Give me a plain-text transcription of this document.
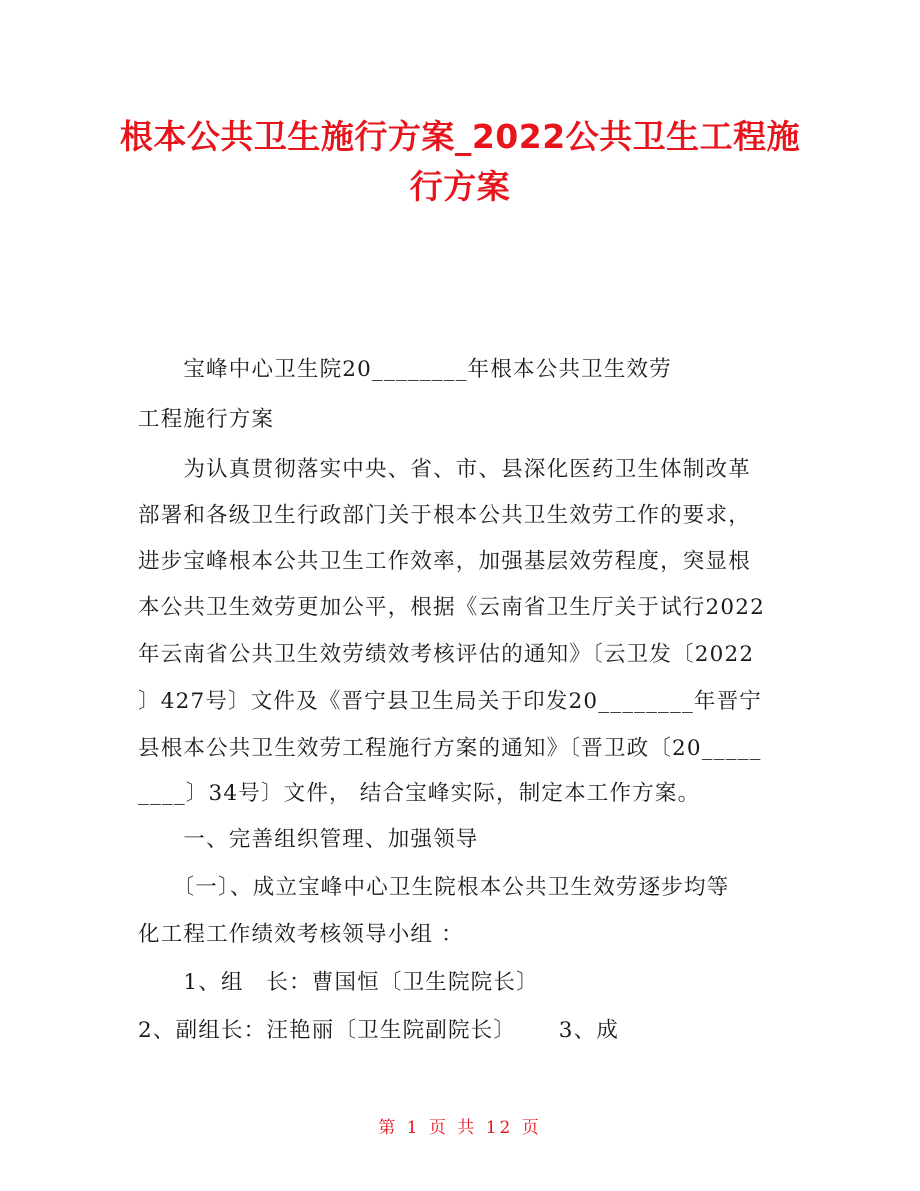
根本公共卫生施行方案_2022公共卫生工程施
行方案
　　宝峰中心卫生院20________年根本公共卫生效劳
工程施行方案
　　为认真贯彻落实中央、省、市、县深化医药卫生体制改革
部署和各级卫生行政部门关于根本公共卫生效劳工作的要求，
进步宝峰根本公共卫生工作效率，加强基层效劳程度，突显根
本公共卫生效劳更加公平，根据《云南省卫生厅关于试行2022
年云南省公共卫生效劳绩效考核评估的通知》〔云卫发〔2022
〕427号〕文件及《晋宁县卫生局关于印发20________年晋宁
县根本公共卫生效劳工程施行方案的通知》〔晋卫政〔20_____
____〕34号〕文件， 结合宝峰实际，制定本工作方案。
　　一、完善组织管理、加强领导
　　〔一〕、成立宝峰中心卫生院根本公共卫生效劳逐步均等
化工程工作绩效考核领导小组 ：
　　1、组　长：曹国恒〔卫生院院长〕
2、副组长：汪艳丽〔卫生院副院长〕　　 3、成
第 1 页 共 12 页
